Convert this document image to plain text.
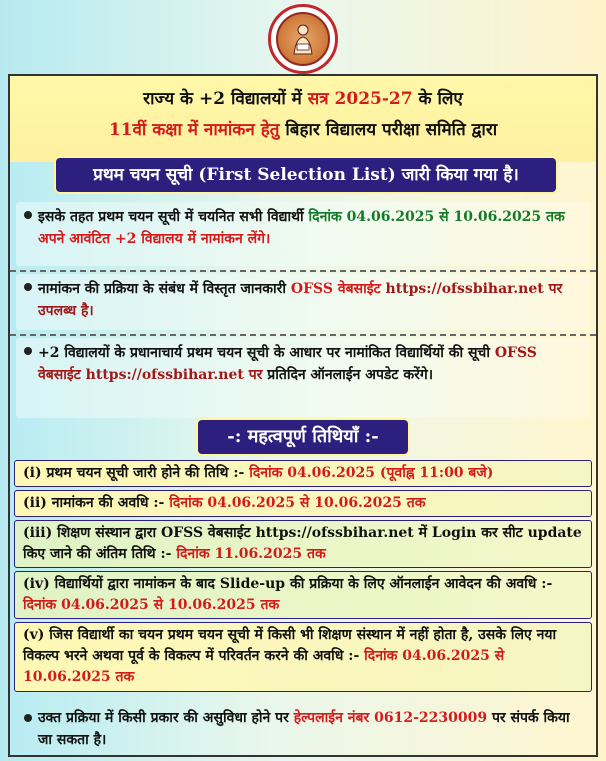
राज्य के +2 विद्यालयों में सत्र 2025-27 के लिए
11वीं कक्षा में नामांकन हेतु बिहार विद्यालय परीक्षा समिति द्वारा
प्रथम चयन सूची (First Selection List) जारी किया गया है।
इसके तहत प्रथम चयन सूची में चयनित सभी विद्यार्थी दिनांक 04.06.2025 से 10.06.2025 तक अपने आवंटित +2 विद्यालय में नामांकन लेंगे।
नामांकन की प्रक्रिया के संबंध में विस्तृत जानकारी OFSS वेबसाईट https://ofssbihar.net पर उपलब्ध है।
+2 विद्यालयों के प्रधानाचार्य प्रथम चयन सूची के आधार पर नामांकित विद्यार्थियों की सूची OFSS वेबसाईट https://ofssbihar.net पर प्रतिदिन ऑनलाईन अपडेट करेंगे।
-: महत्वपूर्ण तिथियाँ :-
(i) प्रथम चयन सूची जारी होने की तिथि :- दिनांक 04.06.2025 (पूर्वाह्न 11:00 बजे)
(ii) नामांकन की अवधि :- दिनांक 04.06.2025 से 10.06.2025 तक
(iii) शिक्षण संस्थान द्वारा OFSS वेबसाईट https://ofssbihar.net में Login कर सीट update किए जाने की अंतिम तिथि :- दिनांक 11.06.2025 तक
(iv) विद्यार्थियों द्वारा नामांकन के बाद Slide-up की प्रक्रिया के लिए ऑनलाईन आवेदन की अवधि :- दिनांक 04.06.2025 से 10.06.2025 तक
(v) जिस विद्यार्थी का चयन प्रथम चयन सूची में किसी भी शिक्षण संस्थान में नहीं होता है, उसके लिए नया विकल्प भरने अथवा पूर्व के विकल्प में परिवर्तन करने की अवधि :- दिनांक 04.06.2025 से 10.06.2025 तक
उक्त प्रक्रिया में किसी प्रकार की असुविधा होने पर हेल्पलाईन नंबर 0612-2230009 पर संपर्क किया जा सकता है।
